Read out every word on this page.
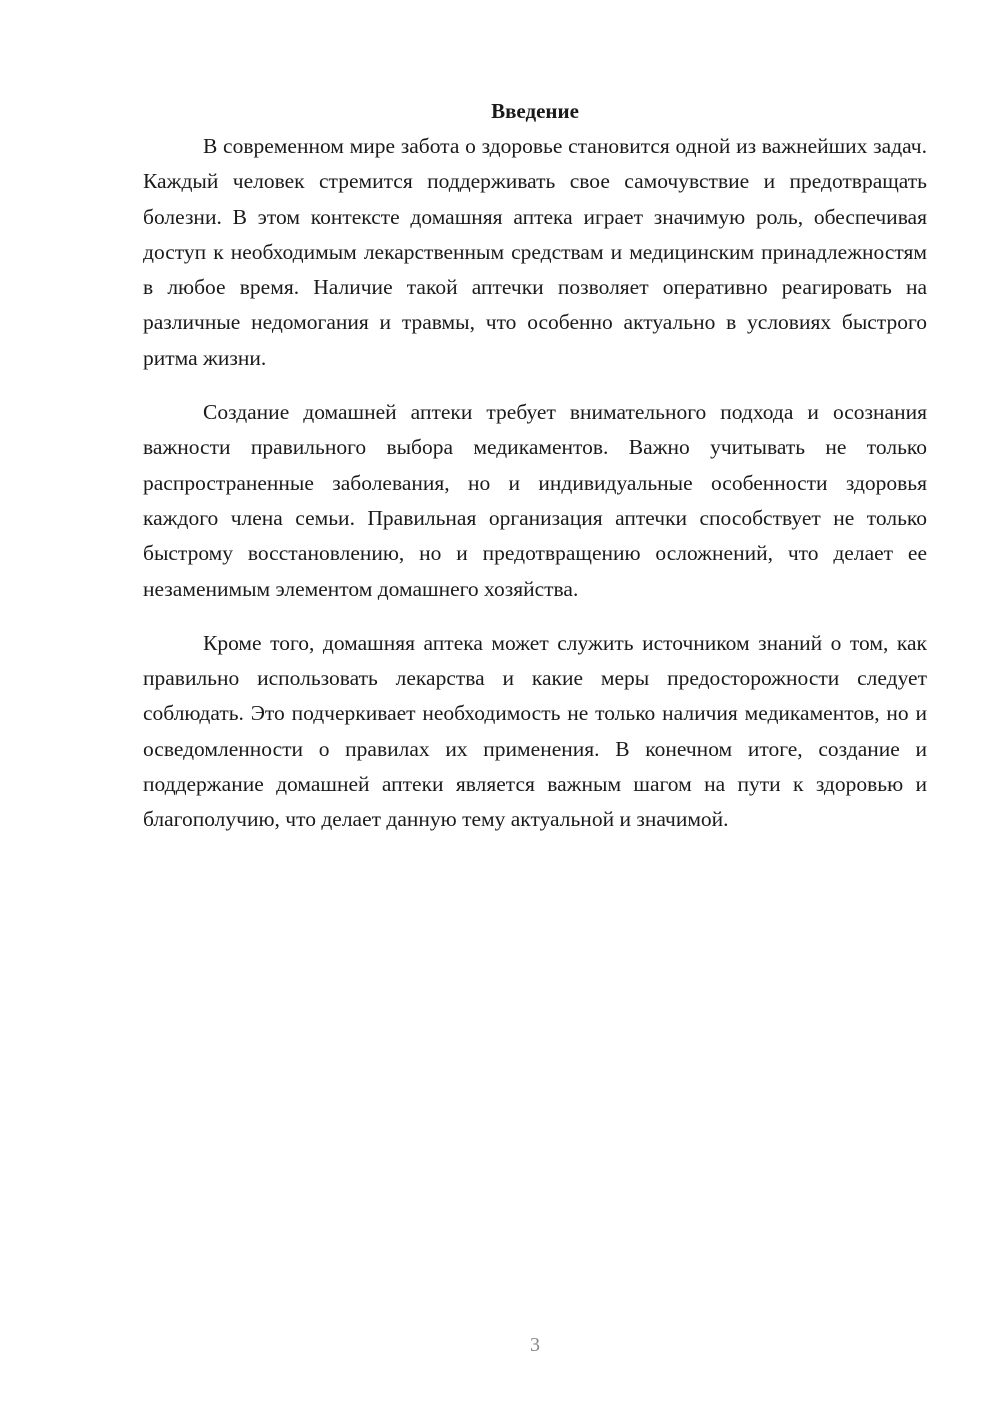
Введение

В современном мире забота о здоровье становится одной из важнейших задач. Каждый человек стремится поддерживать свое самочувствие и предотвращать болезни. В этом контексте домашняя аптека играет значимую роль, обеспечивая доступ к необходимым лекарственным средствам и медицинским принадлежностям в любое время. Наличие такой аптечки позволяет оперативно реагировать на различные недомогания и травмы, что особенно актуально в условиях быстрого ритма жизни.

Создание домашней аптеки требует внимательного подхода и осознания важности правильного выбора медикаментов. Важно учитывать не только распространенные заболевания, но и индивидуальные особенности здоровья каждого члена семьи. Правильная организация аптечки способствует не только быстрому восстановлению, но и предотвращению осложнений, что делает ее незаменимым элементом домашнего хозяйства.

Кроме того, домашняя аптека может служить источником знаний о том, как правильно использовать лекарства и какие меры предосторожности следует соблюдать. Это подчеркивает необходимость не только наличия медикаментов, но и осведомленности о правилах их применения. В конечном итоге, создание и поддержание домашней аптеки является важным шагом на пути к здоровью и благополучию, что делает данную тему актуальной и значимой.

3
